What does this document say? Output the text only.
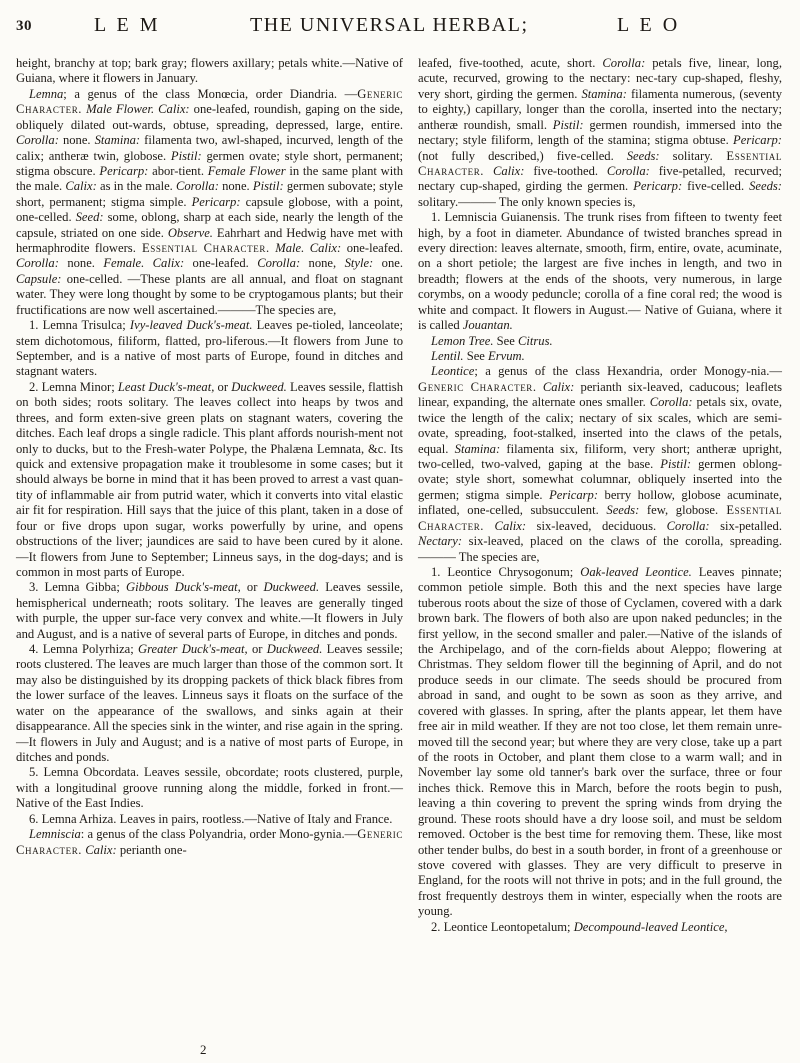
30	L E M	THE UNIVERSAL HERBAL;	L E O

height, branchy at top; bark gray; flowers axillary; petals white.—Native of Guiana, where it flowers in January.

Lemna; a genus of the class Monœcia, order Diandria. —Generic Character. Male Flower. Calix: one-leafed, roundish, gaping on the side, obliquely dilated out-wards, obtuse, spreading, depressed, large, entire. Corolla: none. Stamina: filamenta two, awl-shaped, incurved, length of the calix; antheræ twin, globose. Pistil: germen ovate; style short, permanent; stigma obscure. Pericarp: abor-tient. Female Flower in the same plant with the male. Calix: as in the male. Corolla: none. Pistil: germen subovate; style short, permanent; stigma simple. Pericarp: capsule globose, with a point, one-celled. Seed: some, oblong, sharp at each side, nearly the length of the capsule, striated on one side. Observe. Eahrhart and Hedwig have met with hermaphrodite flowers. Essential Character. Male. Calix: one-leafed. Corolla: none. Female. Calix: one-leafed. Corolla: none, Style: one. Capsule: one-celled. —These plants are all annual, and float on stagnant water. They were long thought by some to be cryptogamous plants; but their fructifications are now well ascertained.———The species are,

1. Lemna Trisulca; Ivy-leaved Duck's-meat. Leaves pe-tioled, lanceolate; stem dichotomous, filiform, flatted, pro-liferous.—It flowers from June to September, and is a native of most parts of Europe, found in ditches and stagnant waters.

2. Lemna Minor; Least Duck's-meat, or Duckweed. Leaves sessile, flattish on both sides; roots solitary. The leaves collect into heaps by twos and threes, and form exten-sive green plats on stagnant waters, covering the ditches. Each leaf drops a single radicle. This plant affords nourish-ment not only to ducks, but to the Fresh-water Polype, the Phalæna Lemnata, &c. Its quick and extensive propagation make it troublesome in some cases; but it should always be borne in mind that it has been proved to arrest a vast quan-tity of inflammable air from putrid water, which it converts into vital elastic air fit for respiration. Hill says that the juice of this plant, taken in a dose of four or five drops upon sugar, works powerfully by urine, and opens obstructions of the liver; jaundices are said to have been cured by it alone. —It flowers from June to September; Linneus says, in the dog-days; and is common in most parts of Europe.

3. Lemna Gibba; Gibbous Duck's-meat, or Duckweed. Leaves sessile, hemispherical underneath; roots solitary. The leaves are generally tinged with purple, the upper sur-face very convex and white.—It flowers in July and August, and is a native of several parts of Europe, in ditches and ponds.

4. Lemna Polyrhiza; Greater Duck's-meat, or Duckweed. Leaves sessile; roots clustered. The leaves are much larger than those of the common sort. It may also be distinguished by its dropping packets of thick black fibres from the lower surface of the leaves. Linneus says it floats on the surface of the water on the appearance of the swallows, and sinks again at their disappearance. All the species sink in the winter, and rise again in the spring.—It flowers in July and August; and is a native of most parts of Europe, in ditches and ponds.

5. Lemna Obcordata. Leaves sessile, obcordate; roots clustered, purple, with a longitudinal groove running along the middle, forked in front.—Native of the East Indies.

6. Lemna Arhiza. Leaves in pairs, rootless.—Native of Italy and France.

Lemniscia: a genus of the class Polyandria, order Mono-gynia.—Generic Character. Calix: perianth one-

leafed, five-toothed, acute, short. Corolla: petals five, linear, long, acute, recurved, growing to the nectary: nec-tary cup-shaped, fleshy, very short, girding the germen. Stamina: filamenta numerous, (seventy to eighty,) capillary, longer than the corolla, inserted into the nectary; antheræ roundish, small. Pistil: germen roundish, immersed into the nectary; style filiform, length of the stamina; stigma obtuse. Pericarp: (not fully described,) five-celled. Seeds: solitary. Essential Character. Calix: five-toothed. Corolla: five-petalled, recurved; nectary cup-shaped, girding the germen. Pericarp: five-celled. Seeds: solitary.——— The only known species is,

1. Lemniscia Guianensis. The trunk rises from fifteen to twenty feet high, by a foot in diameter. Abundance of twisted branches spread in every direction: leaves alternate, smooth, firm, entire, ovate, acuminate, on a short petiole; the largest are five inches in length, and two in breadth; flowers at the ends of the shoots, very numerous, in large corymbs, on a woody peduncle; corolla of a fine coral red; the wood is white and compact. It flowers in August.— Native of Guiana, where it is called Jouantan.

Lemon Tree. See Citrus.

Lentil. See Ervum.

Leontice; a genus of the class Hexandria, order Monogy-nia.—Generic Character. Calix: perianth six-leaved, caducous; leaflets linear, expanding, the alternate ones smaller. Corolla: petals six, ovate, twice the length of the calix; nectary of six scales, which are semi-ovate, spreading, foot-stalked, inserted into the claws of the petals, equal. Stamina: filamenta six, filiform, very short; antheræ upright, two-celled, two-valved, gaping at the base. Pistil: germen oblong-ovate; style short, somewhat columnar, obliquely inserted into the germen; stigma simple. Pericarp: berry hollow, globose acuminate, inflated, one-celled, subsucculent. Seeds: few, globose. Essential Character. Calix: six-leaved, deciduous. Corolla: six-petalled. Nectary: six-leaved, placed on the claws of the corolla, spreading.——— The species are,

1. Leontice Chrysogonum; Oak-leaved Leontice. Leaves pinnate; common petiole simple. Both this and the next species have large tuberous roots about the size of those of Cyclamen, covered with a dark brown bark. The flowers of both also are upon naked peduncles; in the first yellow, in the second smaller and paler.—Native of the islands of the Archipelago, and of the corn-fields about Aleppo; flowering at Christmas. They seldom flower till the beginning of April, and do not produce seeds in our climate. The seeds should be procured from abroad in sand, and ought to be sown as soon as they arrive, and covered with glasses. In spring, after the plants appear, let them have free air in mild weather. If they are not too close, let them remain unre-moved till the second year; but where they are very close, take up a part of the roots in October, and plant them close to a warm wall; and in November lay some old tanner's bark over the surface, three or four inches thick. Remove this in March, before the roots begin to push, leaving a thin covering to prevent the spring winds from drying the ground. These roots should have a dry loose soil, and must be seldom removed. October is the best time for removing them. These, like most other tender bulbs, do best in a south border, in front of a greenhouse or stove covered with glasses. They are very difficult to preserve in England, for the roots will not thrive in pots; and in the full ground, the frost frequently destroys them in winter, especially when the roots are young.

2. Leontice Leontopetalum; Decompound-leaved Leontice,

2
